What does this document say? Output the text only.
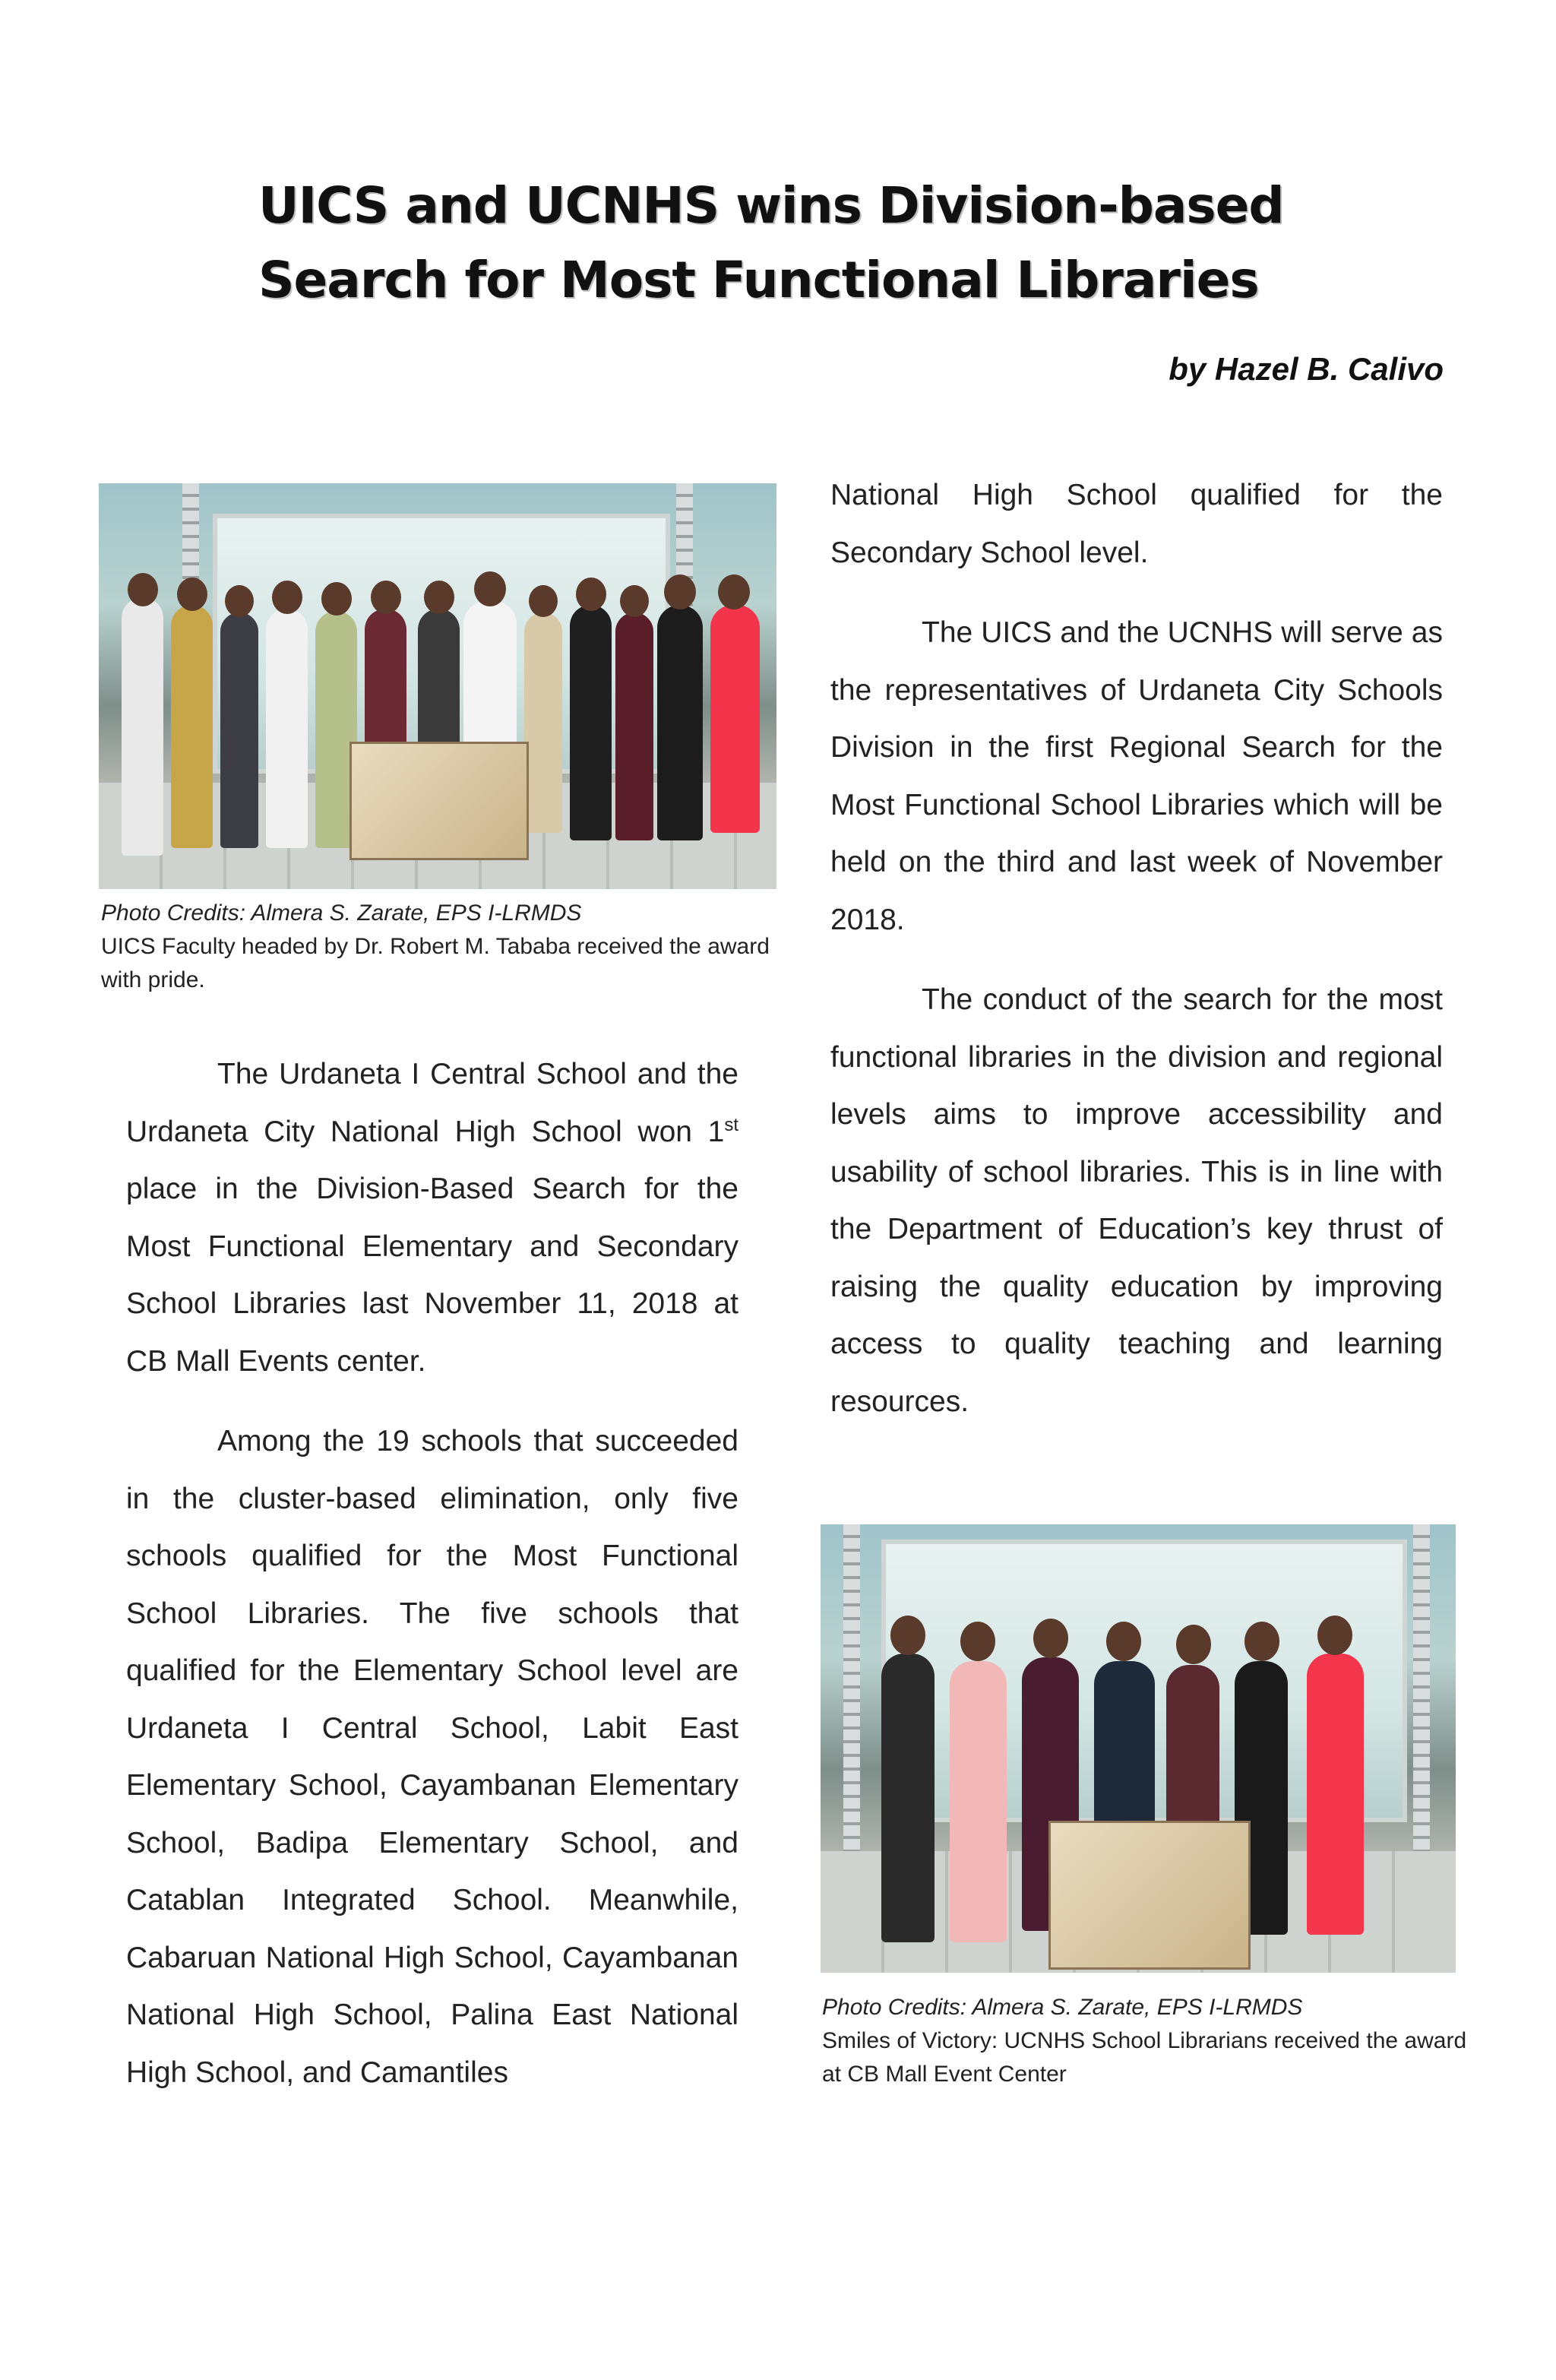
UICS and UCNHS wins Division-based
Search for Most Functional Libraries
by Hazel B. Calivo
Photo Credits: Almera S. Zarate, EPS I-LRMDS
UICS Faculty headed by Dr. Robert M. Tababa received the award with pride.

The Urdaneta I Central School and the Urdaneta City National High School won 1st place in the Division-Based Search for the Most Functional Elementary and Secondary School Libraries last November 11, 2018 at CB Mall Events center.

Among the 19 schools that succeeded in the cluster-based elimination, only five schools qualified for the Most Functional School Libraries. The five schools that qualified for the Elementary School level are Urdaneta I Central School, Labit East Elementary School, Cayambanan Elementary School, Badipa Elementary School, and Catablan Integrated School. Meanwhile, Cabaruan National High School, Cayambanan National High School, Palina East National High School, and Camantiles

National High School qualified for the Secondary School level.

The UICS and the UCNHS will serve as the representatives of Urdaneta City Schools Division in the first Regional Search for the Most Functional School Libraries which will be held on the third and last week of November 2018.

The conduct of the search for the most functional libraries in the division and regional levels aims to improve accessibility and usability of school libraries. This is in line with the Department of Education’s key thrust of raising the quality education by improving access to quality teaching and learning resources.

Photo Credits: Almera S. Zarate, EPS I-LRMDS
Smiles of Victory: UCNHS School Librarians received the award at CB Mall Event Center
